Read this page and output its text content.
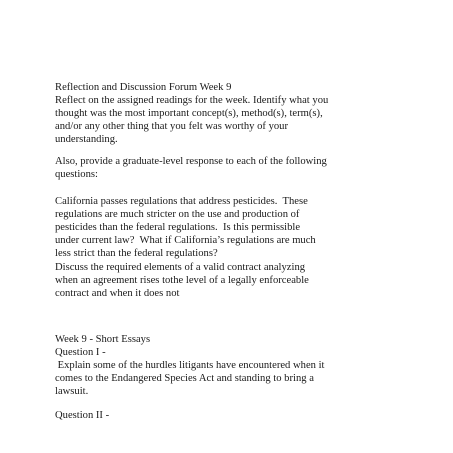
Reflection and Discussion Forum Week 9
Reflect on the assigned readings for the week. Identify what you
thought was the most important concept(s), method(s), term(s),
and/or any other thing that you felt was worthy of your
understanding.
Also, provide a graduate-level response to each of the following
questions:
California passes regulations that address pesticides.  These
regulations are much stricter on the use and production of
pesticides than the federal regulations.  Is this permissible
under current law?  What if California’s regulations are much
less strict than the federal regulations?
Discuss the required elements of a valid contract analyzing
when an agreement rises tothe level of a legally enforceable
contract and when it does not
Week 9 - Short Essays
Question I -
Explain some of the hurdles litigants have encountered when it
comes to the Endangered Species Act and standing to bring a
lawsuit.
Question II -
